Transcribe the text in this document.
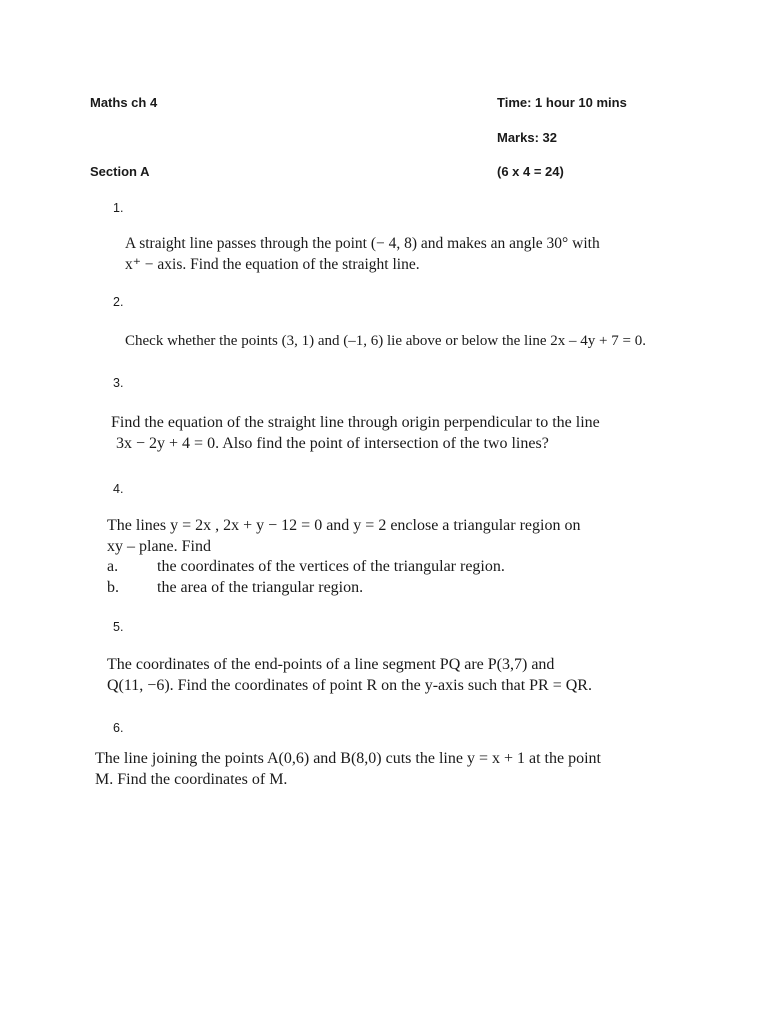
Maths ch 4	Time: 1 hour 10 mins
Marks: 32
Section A	(6 x 4 = 24)
1.
A straight line passes through the point (− 4, 8) and makes an angle 30° with
x⁺ − axis. Find the equation of the straight line.
2.
Check whether the points (3, 1) and (–1, 6) lie above or below the line 2x – 4y + 7 = 0.
3.
Find the equation of the straight line through origin perpendicular to the line
3x − 2y + 4 = 0. Also find the point of intersection of the two lines?
4.
The lines y = 2x , 2x + y − 12 = 0 and y = 2 enclose a triangular region on
xy – plane. Find
a. the coordinates of the vertices of the triangular region.
b. the area of the triangular region.
5.
The coordinates of the end-points of a line segment PQ are P(3,7) and
Q(11, −6). Find the coordinates of point R on the y-axis such that PR = QR.
6.
The line joining the points A(0,6) and B(8,0) cuts the line y = x + 1 at the point
M. Find the coordinates of M.
